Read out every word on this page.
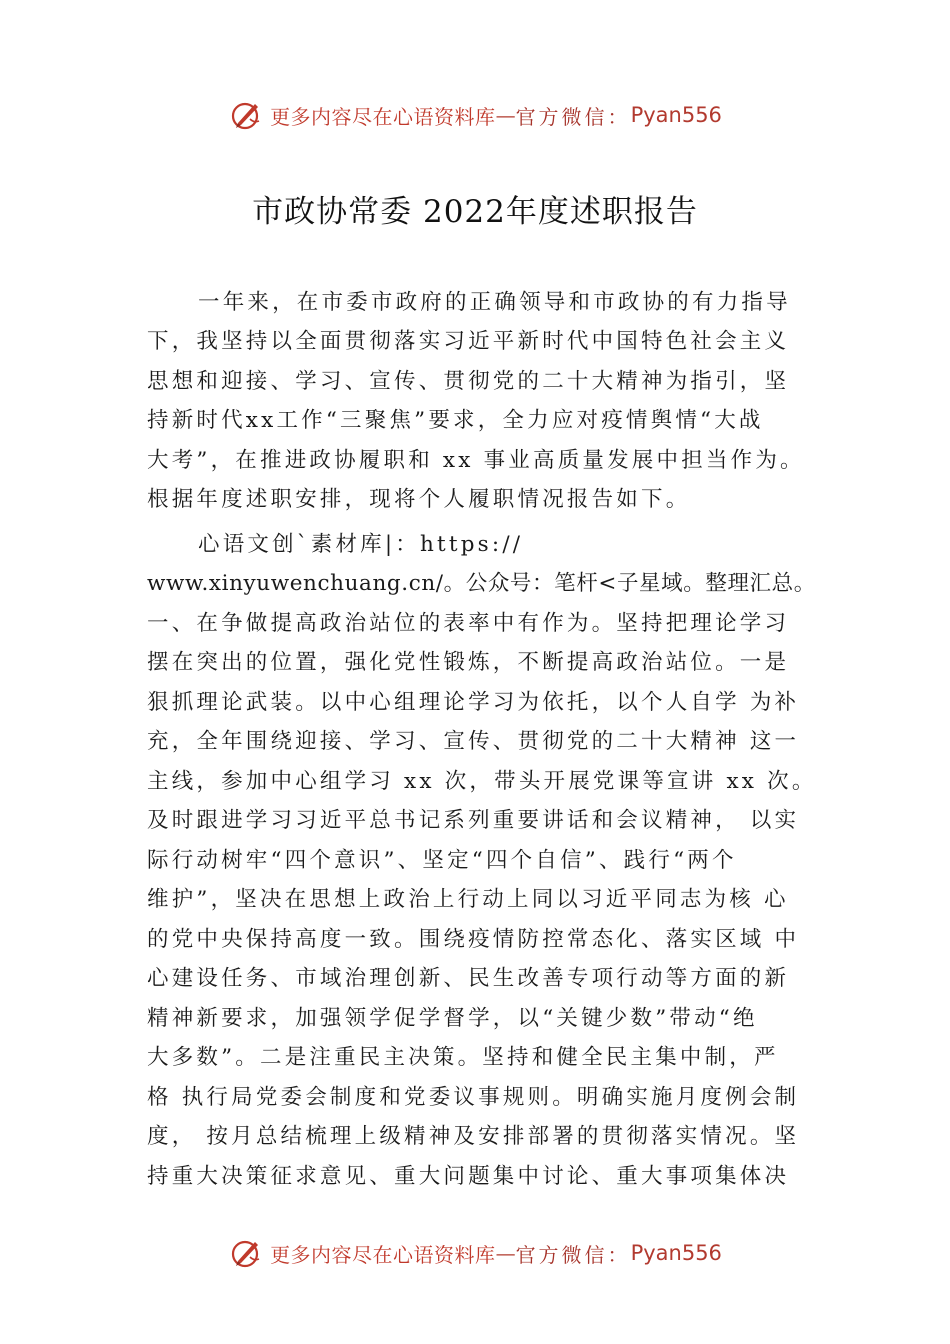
更多内容尽在心语资料库 — 官方微信： Pyan556
市政协常委 2022年度述职报告
一年来，在市委市政府的正确领导和市政协的有力指导
下，我坚持以全面贯彻落实习近平新时代中国特色社会主义
思想和迎接、学习、宣传、贯彻党的二十大精神为指引，坚
持新时代xx工作“三聚焦”要求，全力应对疫情舆情“大战
大考”，在推进政协履职和 xx 事业高质量发展中担当作为。
根据年度述职安排，现将个人履职情况报告如下。
心语文创`素材库|：https://
www.xinyuwenchuang.cn/。公众号：笔杆<子星域。整理汇总。
一、在争做提高政治站位的表率中有作为。坚持把理论学习
摆在突出的位置，强化党性锻炼，不断提高政治站位。一是
狠抓理论武装。以中心组理论学习为依托，以个人自学 为补
充，全年围绕迎接、学习、宣传、贯彻党的二十大精神 这一
主线，参加中心组学习 xx 次，带头开展党课等宣讲 xx 次。
及时跟进学习习近平总书记系列重要讲话和会议精神， 以实
际行动树牢“四个意识”、坚定“四个自信”、践行“两个
维护”，坚决在思想上政治上行动上同以习近平同志为核 心
的党中央保持高度一致。围绕疫情防控常态化、落实区域 中
心建设任务、市域治理创新、民生改善专项行动等方面的新
精神新要求，加强领学促学督学，以“关键少数”带动“绝
大多数”。二是注重民主决策。坚持和健全民主集中制，严
格 执行局党委会制度和党委议事规则。明确实施月度例会制
度， 按月总结梳理上级精神及安排部署的贯彻落实情况。坚
持重大决策征求意见、重大问题集中讨论、重大事项集体决
更多内容尽在心语资料库 — 官方微信： Pyan556
